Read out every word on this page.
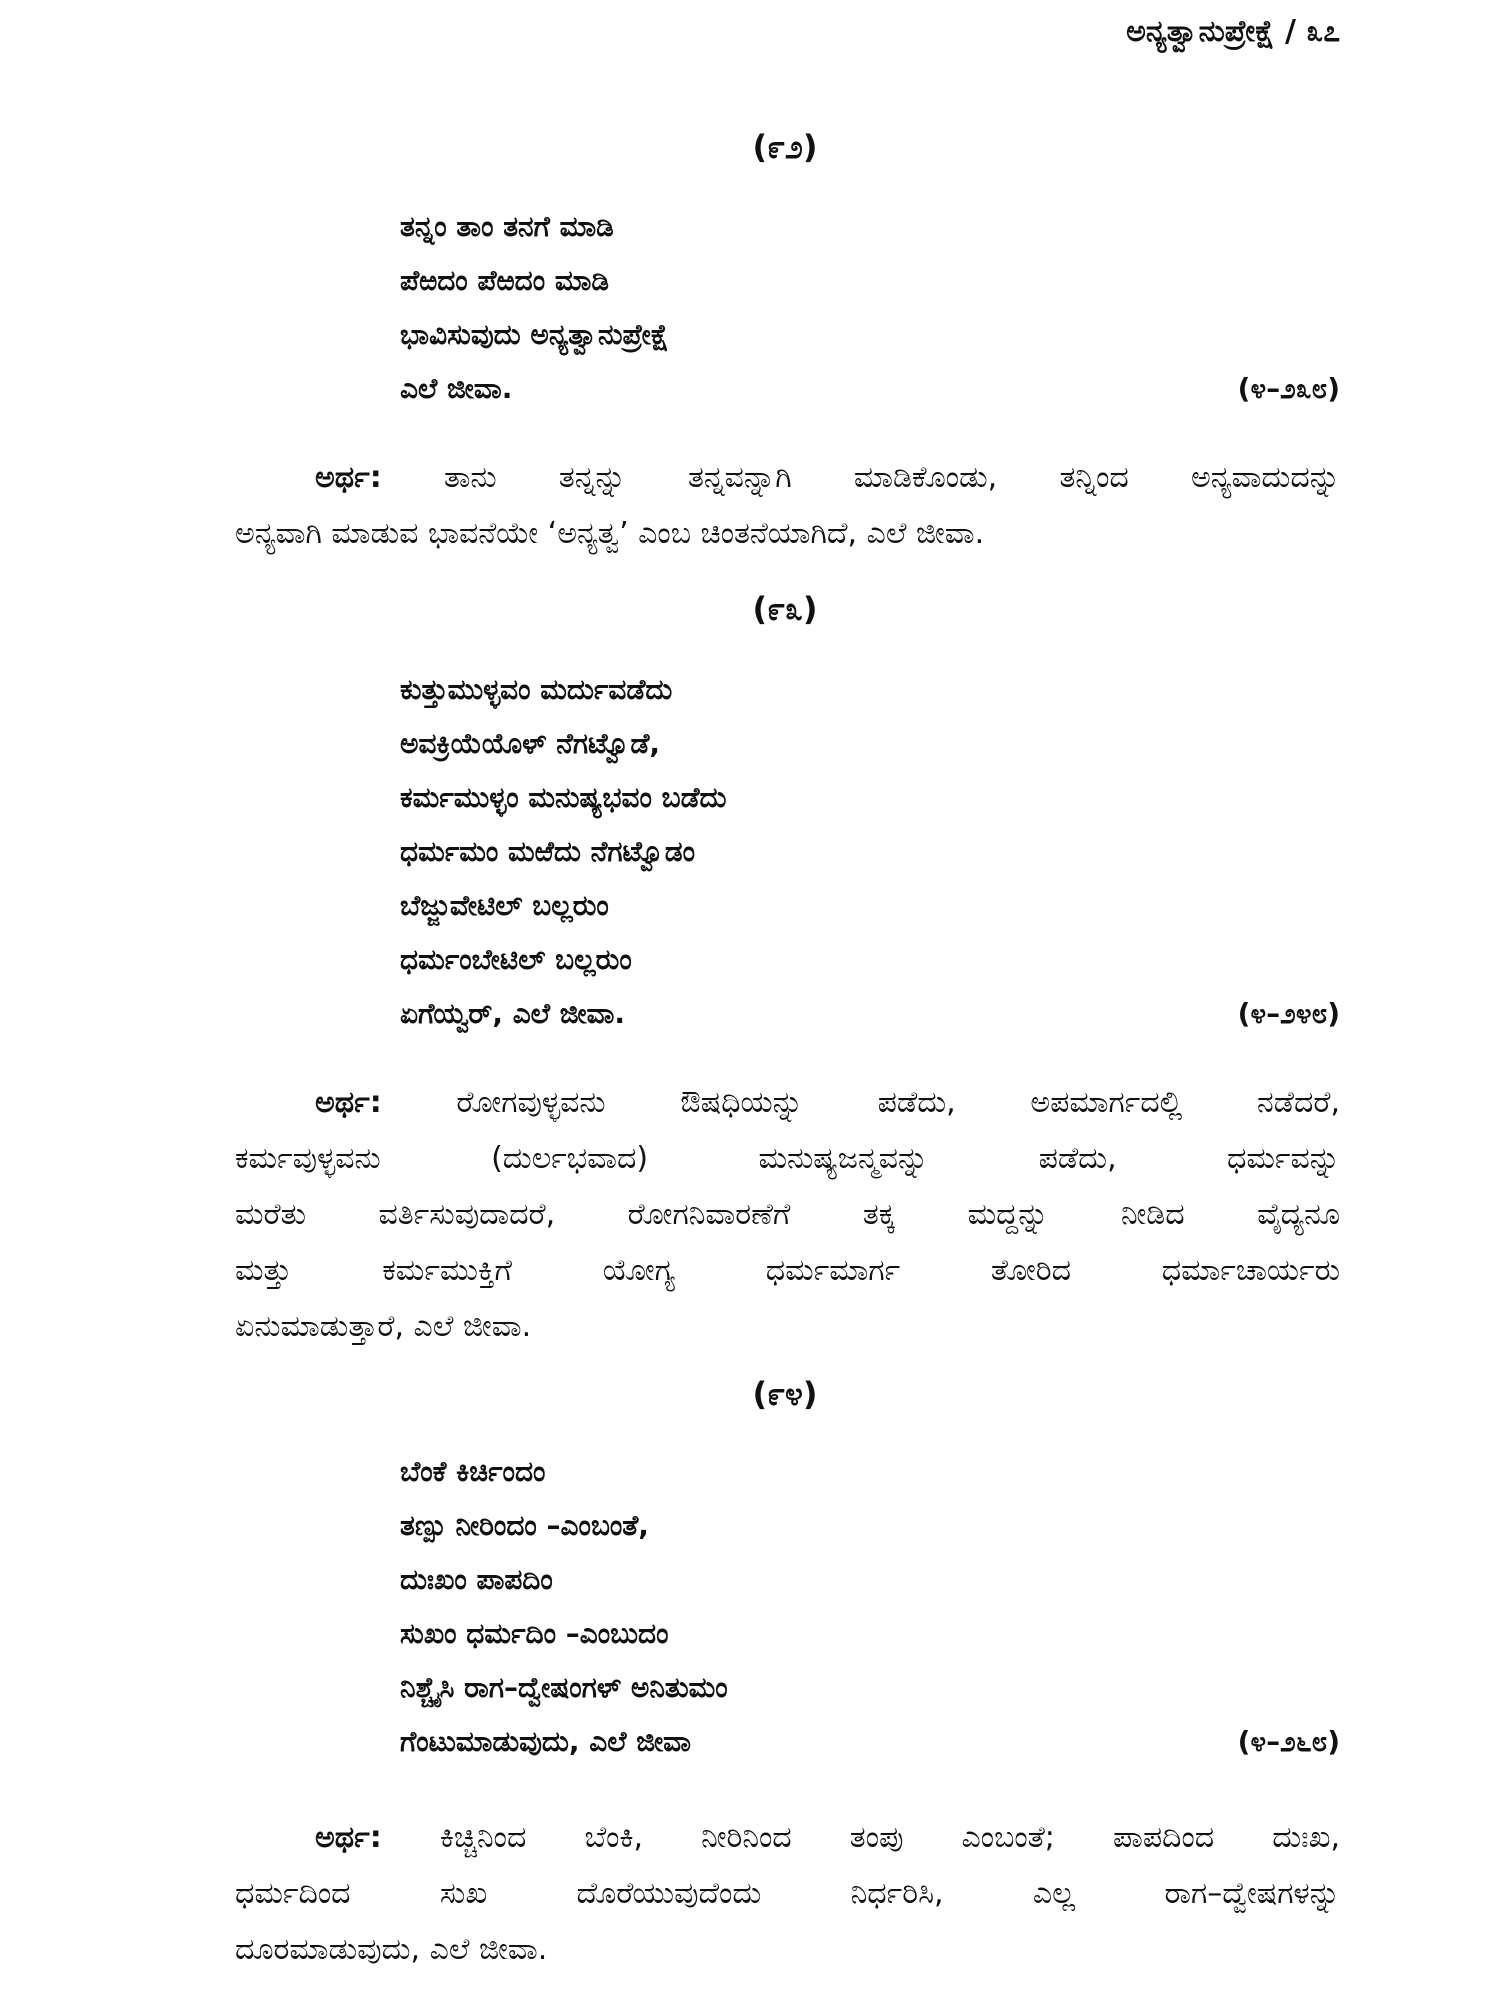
ಅನ್ಯತ್ವಾನುಪ್ರೇಕ್ಷೆ / ೩೭
(೯೨)
ತನ್ನಂ ತಾಂ ತನಗೆ ಮಾಡಿ
ಪೆಱದಂ ಪೆಱದಂ ಮಾಡಿ
ಭಾವಿಸುವುದು ಅನ್ಯತ್ವಾನುಪ್ರೇಕ್ಷೆ
ಎಲೆ ಜೀವಾ.	(೪–೨೩೮)
ಅರ್ಥ: ತಾನು ತನ್ನನ್ನು ತನ್ನವನ್ನಾಗಿ ಮಾಡಿಕೊಂಡು, ತನ್ನಿಂದ ಅನ್ಯವಾದುದನ್ನು
ಅನ್ಯವಾಗಿ ಮಾಡುವ ಭಾವನೆಯೇ ‘ಅನ್ಯತ್ವ’ ಎಂಬ ಚಿಂತನೆಯಾಗಿದೆ, ಎಲೆ ಜೀವಾ.
(೯೩)
ಕುತ್ತುಮುಳ್ಳವಂ ಮರ್ದುವಡೆದು
ಅವಕ್ರಿಯೆಯೊಳ್ ನೆಗಟ್ವೊಡೆ,
ಕರ್ಮಮುಳ್ಳಂ ಮನುಷ್ಯಭವಂ ಬಡೆದು
ಧರ್ಮಮಂ ಮಱೆದು ನೆಗಟ್ವೊಡಂ
ಬೆಜ್ಜುವೇಟಿಲ್ ಬಲ್ಲರುಂ
ಧರ್ಮಂಬೇಟಿಲ್ ಬಲ್ಲರುಂ
ಏಗೆಯ್ವರ್, ಎಲೆ ಜೀವಾ.	(೪–೨೪೮)
ಅರ್ಥ: ರೋಗವುಳ್ಳವನು ಔಷಧಿಯನ್ನು ಪಡೆದು, ಅಪಮಾರ್ಗದಲ್ಲಿ ನಡೆದರೆ,
ಕರ್ಮವುಳ್ಳವನು (ದುರ್ಲಭವಾದ) ಮನುಷ್ಯಜನ್ಮವನ್ನು ಪಡೆದು, ಧರ್ಮವನ್ನು
ಮರೆತು ವರ್ತಿಸುವುದಾದರೆ, ರೋಗನಿವಾರಣೆಗೆ ತಕ್ಕ ಮದ್ದನ್ನು ನೀಡಿದ ವೈದ್ಯನೂ
ಮತ್ತು ಕರ್ಮಮುಕ್ತಿಗೆ ಯೋಗ್ಯ ಧರ್ಮಮಾರ್ಗ ತೋರಿದ ಧರ್ಮಾಚಾರ್ಯರು
ಏನುಮಾಡುತ್ತಾರೆ, ಎಲೆ ಜೀವಾ.
(೯೪)
ಬೆಂಕೆ ಕಿರ್ಚಿಂದಂ
ತಣ್ಪು ನೀರಿಂದಂ –ಎಂಬಂತೆ,
ದುಃಖಂ ಪಾಪದಿಂ
ಸುಖಂ ಧರ್ಮದಿಂ –ಎಂಬುದಂ
ನಿಶ್ಚೈಸಿ ರಾಗ–ದ್ವೇಷಂಗಳ್ ಅನಿತುಮಂ
ಗೆಂಟುಮಾಡುವುದು, ಎಲೆ ಜೀವಾ	(೪–೨೬೮)
ಅರ್ಥ: ಕಿಚ್ಚಿನಿಂದ ಬೆಂಕಿ, ನೀರಿನಿಂದ ತಂಪು ಎಂಬಂತೆ; ಪಾಪದಿಂದ ದುಃಖ,
ಧರ್ಮದಿಂದ ಸುಖ ದೊರೆಯುವುದೆಂದು ನಿರ್ಧರಿಸಿ, ಎಲ್ಲ ರಾಗ–ದ್ವೇಷಗಳನ್ನು
ದೂರಮಾಡುವುದು, ಎಲೆ ಜೀವಾ.
